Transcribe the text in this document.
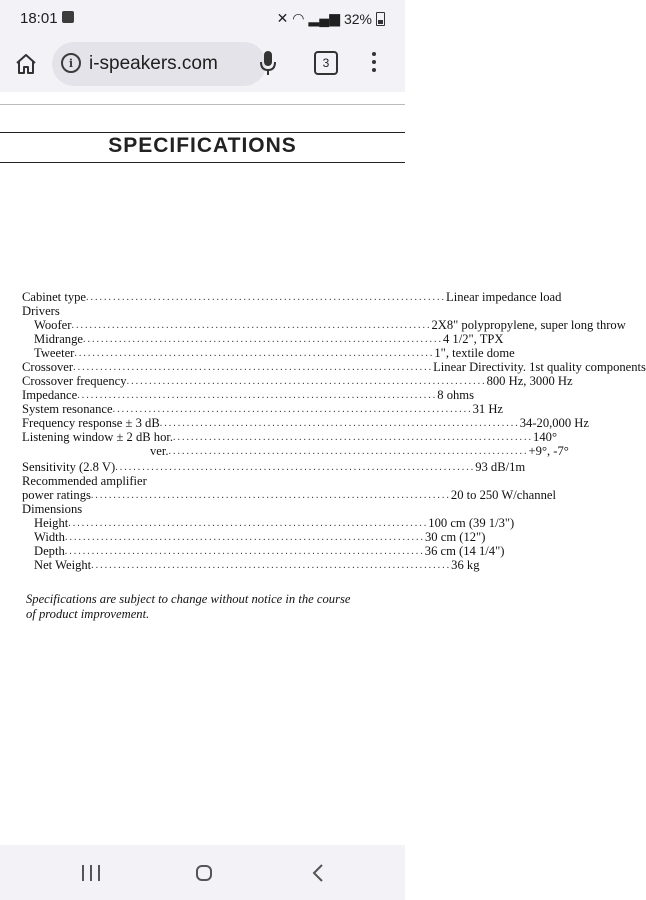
18:01	✕ ◠ ▂▄▆ 32%
i i-speakers.com	3
SPECIFICATIONS
Cabinet type ................................................................................ Linear impedance load
Drivers
Woofer ................................................................................ 2X8" polypropylene, super long throw
Midrange ................................................................................ 4 1/2", TPX
Tweeter ................................................................................ 1", textile dome
Crossover ................................................................................ Linear Directivity. 1st quality components
Crossover frequency ................................................................................ 800 Hz, 3000 Hz
Impedance ................................................................................ 8 ohms
System resonance ................................................................................ 31 Hz
Frequency response ± 3 dB ................................................................................ 34-20,000 Hz
Listening window ± 2 dB hor. ................................................................................ 140°
ver. ................................................................................ +9°, -7°
Sensitivity (2.8 V) ................................................................................ 93 dB/1m
Recommended amplifier
power ratings ................................................................................ 20 to 250 W/channel
Dimensions
Height ................................................................................ 100 cm (39 1/3")
Width ................................................................................ 30 cm (12")
Depth ................................................................................ 36 cm (14 1/4")
Net Weight ................................................................................ 36 kg
Specifications are subject to change without notice in the course of product improvement.
